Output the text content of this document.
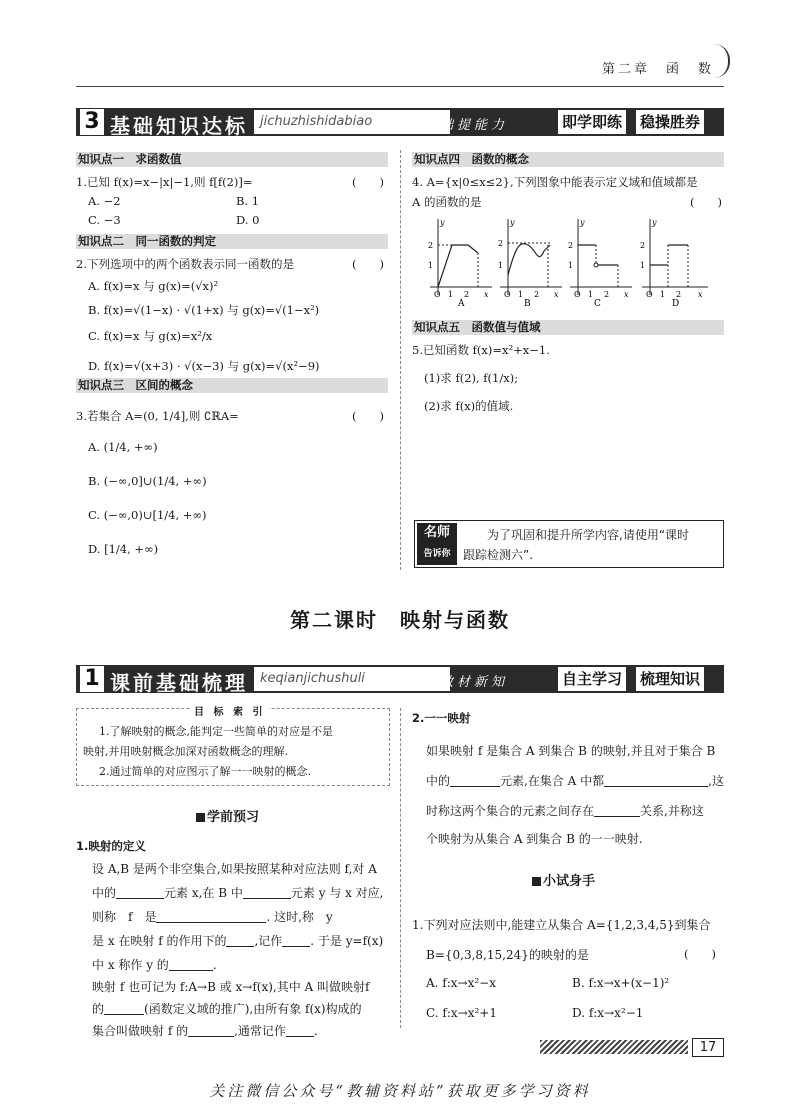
第二章　函　数
3 基础知识达标 jichuzhishidabiao	练基础提能力	即学即练 稳操胜券
知识点一　求函数值
1.已知 f(x)=x−|x|−1,则 f[f(2)]=	(　　)
A. −2	B. 1
C. −3	D. 0
知识点二　同一函数的判定
2.下列选项中的两个函数表示同一函数的是	(　　)
A. f(x)=x 与 g(x)=(√x)²
B. f(x)=√(1−x) · √(1+x) 与 g(x)=√(1−x²)
C. f(x)=x 与 g(x)=x²/x
D. f(x)=√(x+3) · √(x−3) 与 g(x)=√(x²−9)
知识点三　区间的概念
3.若集合 A=(0, 1/4],则 ∁ℝA=	(　　)
A. (1/4, +∞)
B. (−∞,0]∪(1/4, +∞)
C. (−∞,0)∪[1/4, +∞)
D. [1/4, +∞)
知识点四　函数的概念
4. A={x|0≤x≤2},下列图象中能表示定义域和值域都是
A 的函数的是	(　　)
y
2
1
O 1 2 x
A
y
2
1
O 1 2 x
B
y
2
1
O 1 2 x
C
y
2
1
O 1 2 x
D
知识点五　函数值与值域
5.已知函数 f(x)=x²+x−1.
(1)求 f(2), f(1/x);
(2)求 f(x)的值域.
名师
告诉你
为了巩固和提升所学内容,请使用“课时
跟踪检测六”.
第二课时　映射与函数
1 课前基础梳理 keqianjichushuli	透解教材新知	自主学习 梳理知识
1.了解映射的概念,能判定一些简单的对应是不是
映射,并用映射概念加深对函数概念的理解.
2.通过简单的对应图示了解一一映射的概念.
目 标 索 引
学前预习
1.映射的定义
设 A,B 是两个非空集合,如果按照某种对应法则 f,对 A
中的	元素 x,在 B 中	元素 y 与 x 对应,
则称　f　是	. 这时,称　y
是 x 在映射 f 的作用下的 ,记作 . 于是 y=f(x)
中 x 称作 y 的	.
映射 f 也可记为 f:A→B 或 x→f(x),其中 A 叫做映射f
的	(函数定义域的推广),由所有象 f(x)构成的
集合叫做映射 f 的	,通常记作 .
2.一一映射
如果映射 f 是集合 A 到集合 B 的映射,并且对于集合 B
中的	元素,在集合 A 中都	,这
时称这两个集合的元素之间存在	关系,并称这
个映射为从集合 A 到集合 B 的一一映射.
小试身手
1.下列对应法则中,能建立从集合 A={1,2,3,4,5}到集合
B={0,3,8,15,24}的映射的是	(　　)
A. f:x→x²−x	B. f:x→x+(x−1)²
C. f:x→x²+1	D. f:x→x²−1
17
关注微信公众号“教辅资料站”获取更多学习资料
